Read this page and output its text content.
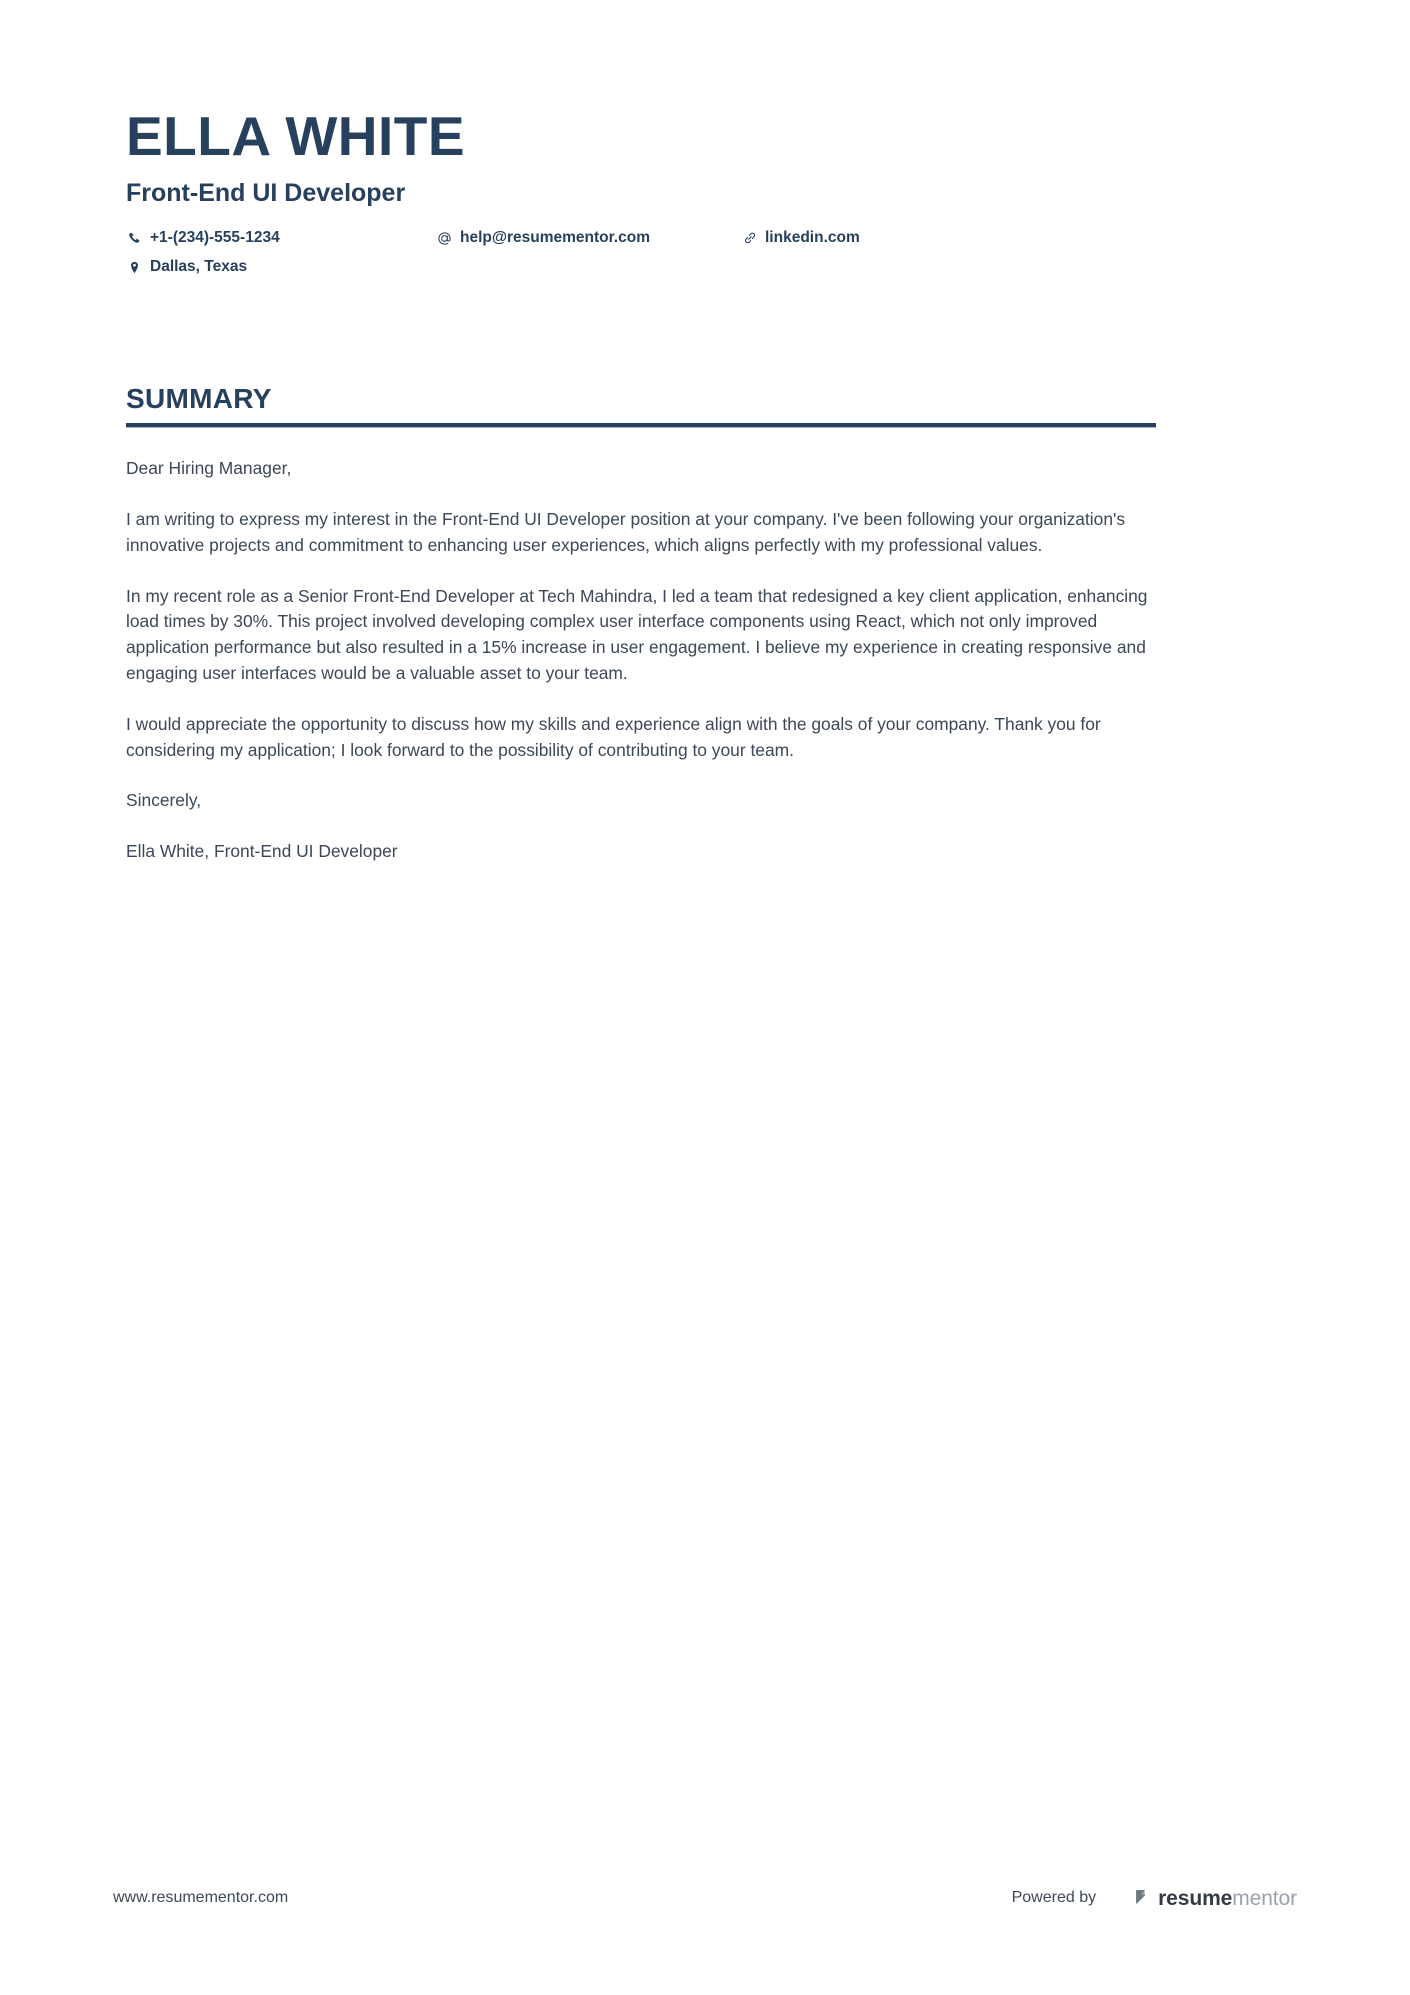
ELLA WHITE
Front-End UI Developer
+1-(234)-555-1234	help@resumementor.com	linkedin.com
Dallas, Texas
SUMMARY

Dear Hiring Manager,

I am writing to express my interest in the Front-End UI Developer position at your company. I've been following your organization's innovative projects and commitment to enhancing user experiences, which aligns perfectly with my professional values.

In my recent role as a Senior Front-End Developer at Tech Mahindra, I led a team that redesigned a key client application, enhancing load times by 30%. This project involved developing complex user interface components using React, which not only improved application performance but also resulted in a 15% increase in user engagement. I believe my experience in creating responsive and engaging user interfaces would be a valuable asset to your team.

I would appreciate the opportunity to discuss how my skills and experience align with the goals of your company. Thank you for considering my application; I look forward to the possibility of contributing to your team.

Sincerely,

Ella White, Front-End UI Developer

www.resumementor.com	Powered by	resumementor
